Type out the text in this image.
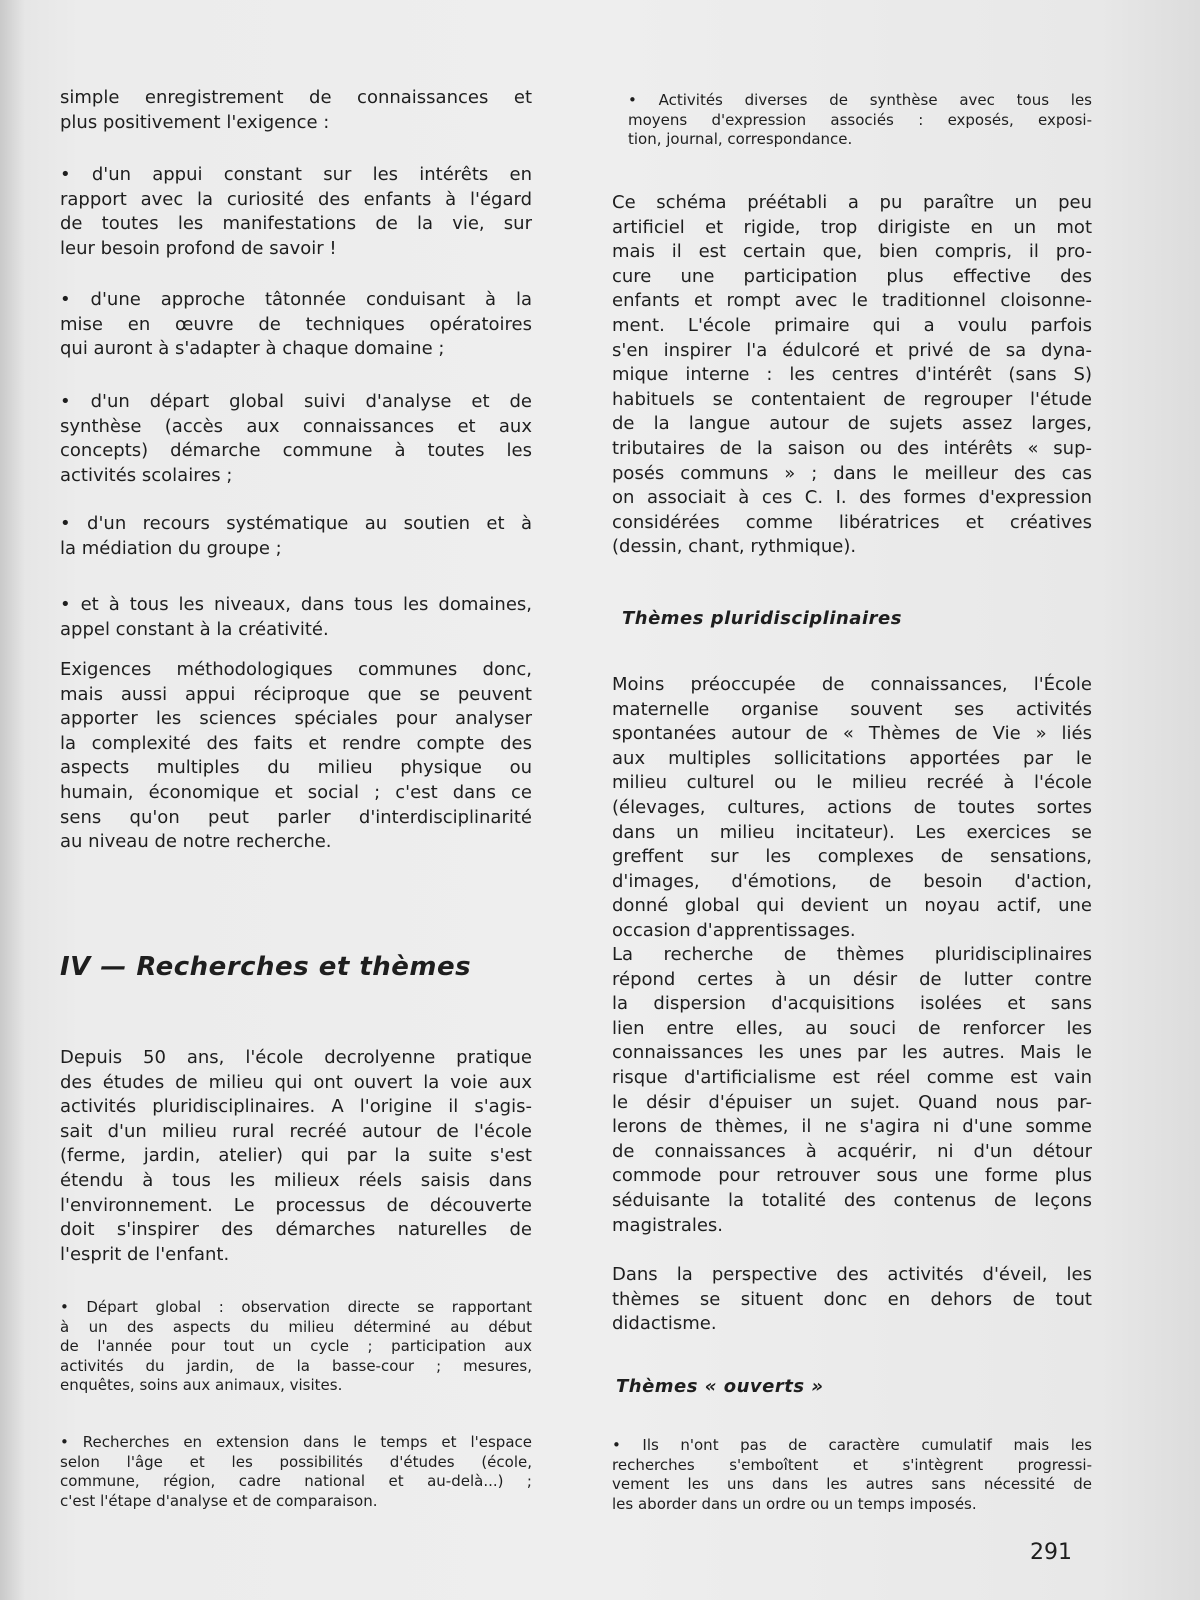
simple enregistrement de connaissances et
plus positivement l'exigence :
• d'un appui constant sur les intérêts en
rapport avec la curiosité des enfants à l'égard
de toutes les manifestations de la vie, sur
leur besoin profond de savoir !
• d'une approche tâtonnée conduisant à la
mise en œuvre de techniques opératoires
qui auront à s'adapter à chaque domaine ;
• d'un départ global suivi d'analyse et de
synthèse (accès aux connaissances et aux
concepts) démarche commune à toutes les
activités scolaires ;
• d'un recours systématique au soutien et à
la médiation du groupe ;
• et à tous les niveaux, dans tous les domaines,
appel constant à la créativité.
Exigences méthodologiques communes donc,
mais aussi appui réciproque que se peuvent
apporter les sciences spéciales pour analyser
la complexité des faits et rendre compte des
aspects multiples du milieu physique ou
humain, économique et social ; c'est dans ce
sens qu'on peut parler d'interdisciplinarité
au niveau de notre recherche.
IV — Recherches et thèmes
Depuis 50 ans, l'école decrolyenne pratique
des études de milieu qui ont ouvert la voie aux
activités pluridisciplinaires. A l'origine il s'agis-
sait d'un milieu rural recréé autour de l'école
(ferme, jardin, atelier) qui par la suite s'est
étendu à tous les milieux réels saisis dans
l'environnement. Le processus de découverte
doit s'inspirer des démarches naturelles de
l'esprit de l'enfant.
• Départ global : observation directe se rapportant
à un des aspects du milieu déterminé au début
de l'année pour tout un cycle ; participation aux
activités du jardin, de la basse-cour ; mesures,
enquêtes, soins aux animaux, visites.
• Recherches en extension dans le temps et l'espace
selon l'âge et les possibilités d'études (école,
commune, région, cadre national et au-delà...) ;
c'est l'étape d'analyse et de comparaison.
• Activités diverses de synthèse avec tous les
moyens d'expression associés : exposés, exposi-
tion, journal, correspondance.
Ce schéma préétabli a pu paraître un peu
artificiel et rigide, trop dirigiste en un mot
mais il est certain que, bien compris, il pro-
cure une participation plus effective des
enfants et rompt avec le traditionnel cloisonne-
ment. L'école primaire qui a voulu parfois
s'en inspirer l'a édulcoré et privé de sa dyna-
mique interne : les centres d'intérêt (sans S)
habituels se contentaient de regrouper l'étude
de la langue autour de sujets assez larges,
tributaires de la saison ou des intérêts « sup-
posés communs » ; dans le meilleur des cas
on associait à ces C. I. des formes d'expression
considérées comme libératrices et créatives
(dessin, chant, rythmique).
Thèmes pluridisciplinaires
Moins préoccupée de connaissances, l'École
maternelle organise souvent ses activités
spontanées autour de « Thèmes de Vie » liés
aux multiples sollicitations apportées par le
milieu culturel ou le milieu recréé à l'école
(élevages, cultures, actions de toutes sortes
dans un milieu incitateur). Les exercices se
greffent sur les complexes de sensations,
d'images, d'émotions, de besoin d'action,
donné global qui devient un noyau actif, une
occasion d'apprentissages.
La recherche de thèmes pluridisciplinaires
répond certes à un désir de lutter contre
la dispersion d'acquisitions isolées et sans
lien entre elles, au souci de renforcer les
connaissances les unes par les autres. Mais le
risque d'artificialisme est réel comme est vain
le désir d'épuiser un sujet. Quand nous par-
lerons de thèmes, il ne s'agira ni d'une somme
de connaissances à acquérir, ni d'un détour
commode pour retrouver sous une forme plus
séduisante la totalité des contenus de leçons
magistrales.
Dans la perspective des activités d'éveil, les
thèmes se situent donc en dehors de tout
didactisme.
Thèmes « ouverts »
• Ils n'ont pas de caractère cumulatif mais les
recherches s'emboîtent et s'intègrent progressi-
vement les uns dans les autres sans nécessité de
les aborder dans un ordre ou un temps imposés.
291
